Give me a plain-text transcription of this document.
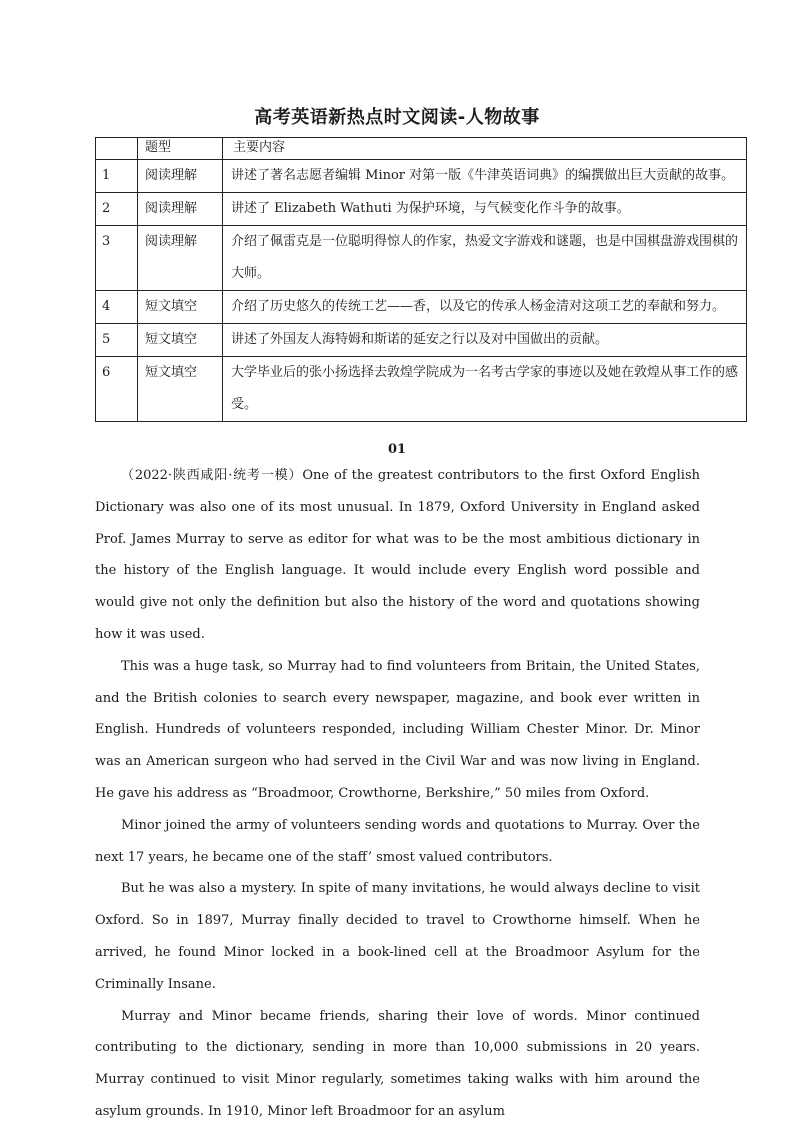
高考英语新热点时文阅读-人物故事
	题型	主要内容
1	阅读理解	讲述了著名志愿者编辑 Minor 对第一版《牛津英语词典》的编撰做出巨大贡献的故事。
2	阅读理解	讲述了 Elizabeth Wathuti 为保护环境，与气候变化作斗争的故事。
3	阅读理解	介绍了佩雷克是一位聪明得惊人的作家，热爱文字游戏和谜题，也是中国棋盘游戏围棋的大师。
4	短文填空	介绍了历史悠久的传统工艺——香，以及它的传承人杨金清对这项工艺的奉献和努力。
5	短文填空	讲述了外国友人海特姆和斯诺的延安之行以及对中国做出的贡献。
6	短文填空	大学毕业后的张小扬选择去敦煌学院成为一名考古学家的事迹以及她在敦煌从事工作的感受。
01

（2022·陕西咸阳·统考一模）One of the greatest contributors to the first Oxford English Dictionary was also one of its most unusual. In 1879, Oxford University in England asked Prof. James Murray to serve as editor for what was to be the most ambitious dictionary in the history of the English language. It would include every English word possible and would give not only the definition but also the history of the word and quotations showing how it was used.

This was a huge task, so Murray had to find volunteers from Britain, the United States, and the British colonies to search every newspaper, magazine, and book ever written in English. Hundreds of volunteers responded, including William Chester Minor. Dr. Minor was an American surgeon who had served in the Civil War and was now living in England. He gave his address as “Broadmoor, Crowthorne, Berkshire,” 50 miles from Oxford.

Minor joined the army of volunteers sending words and quotations to Murray. Over the next 17 years, he became one of the staff’ smost valued contributors.

But he was also a mystery. In spite of many invitations, he would always decline to visit Oxford. So in 1897, Murray finally decided to travel to Crowthorne himself. When he arrived, he found Minor locked in a book-lined cell at the Broadmoor Asylum for the Criminally Insane.

Murray and Minor became friends, sharing their love of words. Minor continued contributing to the dictionary, sending in more than 10,000 submissions in 20 years. Murray continued to visit Minor regularly, sometimes taking walks with him around the asylum grounds. In 1910, Minor left Broadmoor for an asylum
